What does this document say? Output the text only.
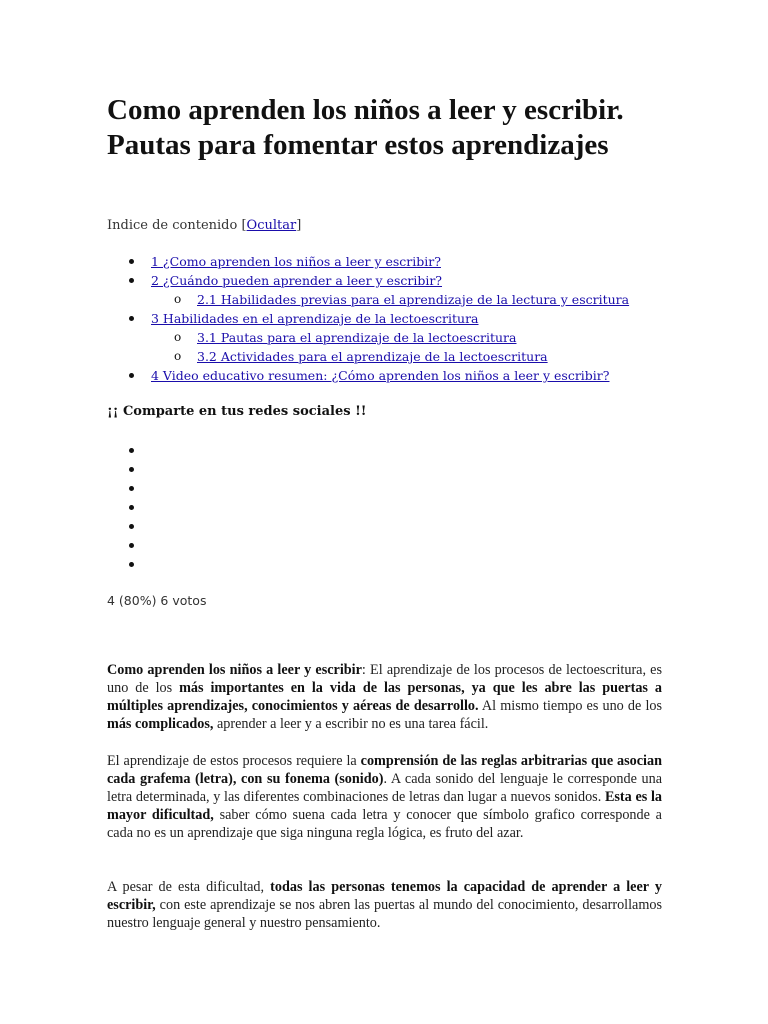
Como aprenden los niños a leer y escribir. Pautas para fomentar estos aprendizajes
Indice de contenido [Ocultar]
1 ¿Como aprenden los niños a leer y escribir?
2 ¿Cuándo pueden aprender a leer y escribir?
o 2.1 Habilidades previas para el aprendizaje de la lectura y escritura
3 Habilidades en el aprendizaje de la lectoescritura
o 3.1 Pautas para el aprendizaje de la lectoescritura
o 3.2 Actividades para el aprendizaje de la lectoescritura
4 Video educativo resumen: ¿Cómo aprenden los niños a leer y escribir?
¡¡ Comparte en tus redes sociales !!
4 (80%) 6 votos

Como aprenden los niños a leer y escribir: El aprendizaje de los procesos de lectoescritura, es uno de los más importantes en la vida de las personas, ya que les abre las puertas a múltiples aprendizajes, conocimientos y aéreas de desarrollo. Al mismo tiempo es uno de los más complicados, aprender a leer y a escribir no es una tarea fácil.

El aprendizaje de estos procesos requiere la comprensión de las reglas arbitrarias que asocian cada grafema (letra), con su fonema (sonido). A cada sonido del lenguaje le corresponde una letra determinada, y las diferentes combinaciones de letras dan lugar a nuevos sonidos. Esta es la mayor dificultad, saber cómo suena cada letra y conocer que símbolo grafico corresponde a cada no es un aprendizaje que siga ninguna regla lógica, es fruto del azar.

A pesar de esta dificultad, todas las personas tenemos la capacidad de aprender a leer y escribir, con este aprendizaje se nos abren las puertas al mundo del conocimiento, desarrollamos nuestro lenguaje general y nuestro pensamiento.
